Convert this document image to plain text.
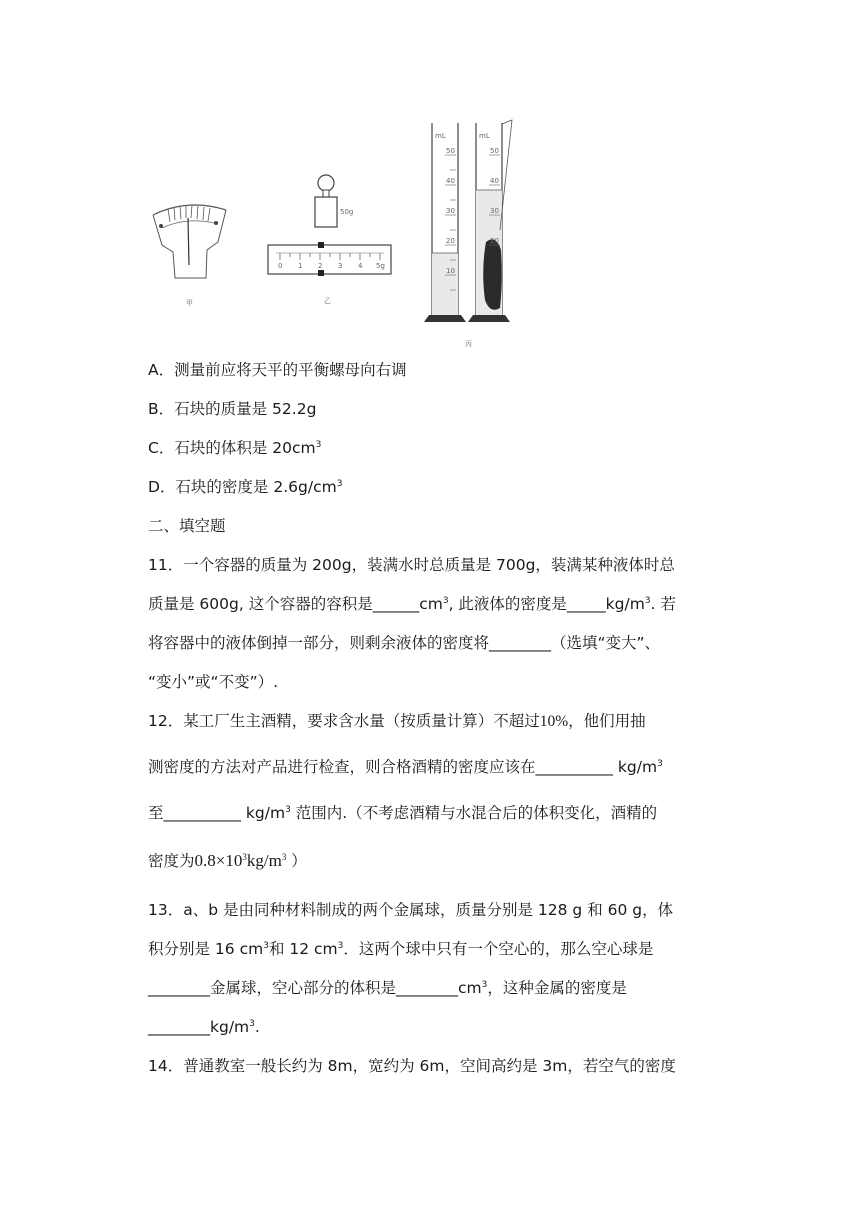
甲
50g
0 1 2 3 4 5g
乙
mL
50
40
30
20
10
mL
50
40
30
20
丙
A．测量前应将天平的平衡螺母向右调
B．石块的质量是 52.2g
C．石块的体积是 $20cm^3$
D．石块的密度是 $2.6g/cm^3$
二、填空题
11．一个容器的质量为 200g，装满水时总质量是 700g，装满某种液体时总
质量是 600g, 这个容器的容积是$\_\_\_\_\_\_cm^3$, 此液体的密度是$\_\_\_\_\_kg/m^3$. 若
将容器中的液体倒掉一部分，则剩余液体的密度将________（选填“变大”、
“变小”或“不变”）.
12．某工厂生主酒精，要求含水量（按质量计算）不超过10%，他们用抽
测密度的方法对产品进行检查，则合格酒精的密度应该在__________ $kg/m^3$
至__________ $kg/m^3$ 范围内.（不考虑酒精与水混合后的体积变化，酒精的
密度为$0.8\times 10^3kg/m^3$ ）
13．a、b 是由同种材料制成的两个金属球，质量分别是 128 g 和 60 g，体
积分别是 16 $cm^3$和 12 $cm^3$．这两个球中只有一个空心的，那么空心球是
________金属球，空心部分的体积是$\_\_\_\_\_\_\_\_cm^3$，这种金属的密度是
$\_\_\_\_\_\_\_\_kg/m^3$.
14．普通教室一般长约为 8m，宽约为 6m，空间高约是 3m，若空气的密度
